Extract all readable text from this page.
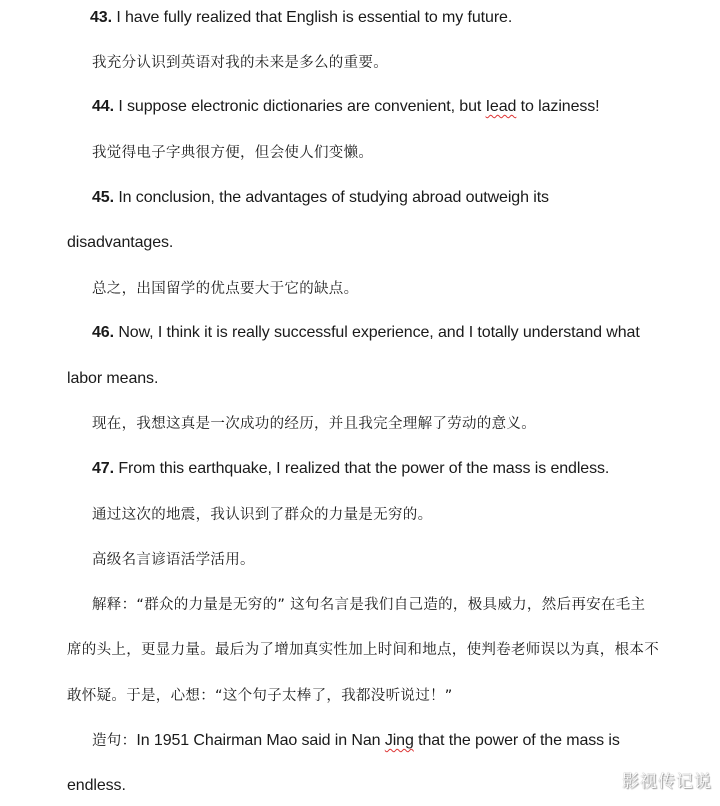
43. I have fully realized that English is essential to my future.
我充分认识到英语对我的未来是多么的重要。
44. I suppose electronic dictionaries are convenient, but Iead to laziness!
我觉得电子字典很方便，但会使人们变懒。
45. In conclusion, the advantages of studying abroad outweigh its
disadvantages.
总之，出国留学的优点要大于它的缺点。
46. Now, I think it is really successful experience, and I totally understand what
labor means.
现在，我想这真是一次成功的经历，并且我完全理解了劳动的意义。
47. From this earthquake, I realized that the power of the mass is endless.
通过这次的地震，我认识到了群众的力量是无穷的。
高级名言谚语活学活用。
解释：“群众的力量是无穷的” 这句名言是我们自己造的，极具威力，然后再安在毛主
席的头上，更显力量。最后为了增加真实性加上时间和地点，使判卷老师误以为真，根本不
敢怀疑。于是，心想：“这个句子太棒了，我都没听说过！”
造句：In 1951 Chairman Mao said in Nan Jing that the power of the mass is
endless.	影视传记说
